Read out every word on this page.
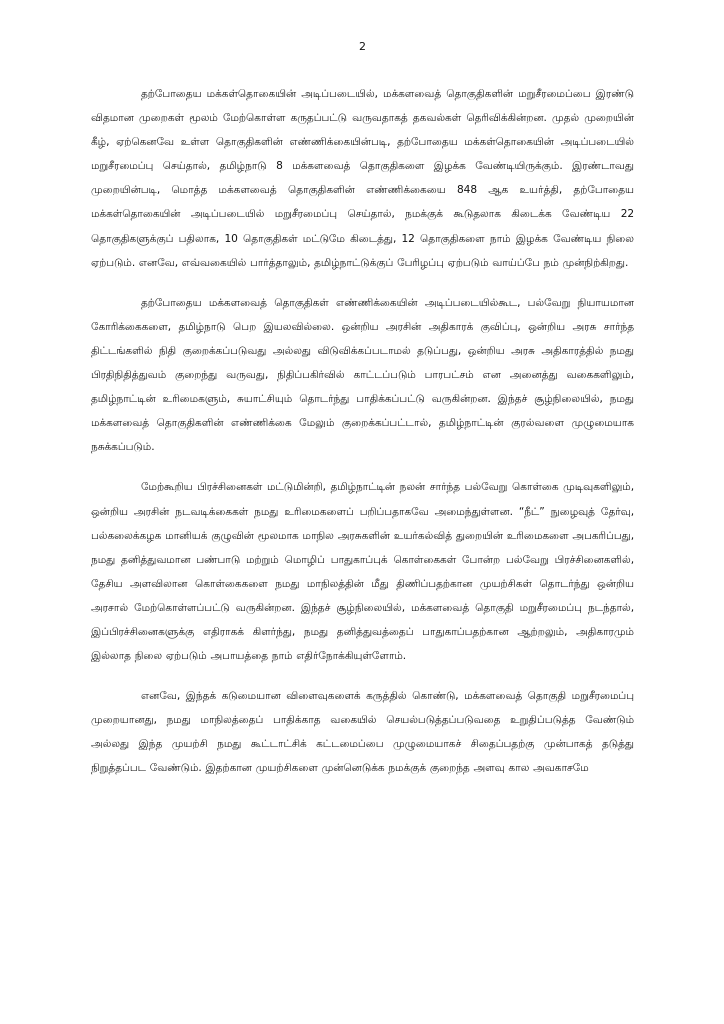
2

தற்போதைய மக்கள்தொகையின் அடிப்படையில், மக்களவைத் தொகுதிகளின் மறுசீரமைப்பை இரண்டு விதமான முறைகள் மூலம் மேற்கொள்ள கருதப்பட்டு வருவதாகத் தகவல்கள் தெரிவிக்கின்றன. முதல் முறையின் கீழ், ஏற்கெனவே உள்ள தொகுதிகளின் எண்ணிக்கையின்படி, தற்போதைய மக்கள்தொகையின் அடிப்படையில் மறுசீரமைப்பு செய்தால், தமிழ்நாடு 8 மக்களவைத் தொகுதிகளை இழக்க வேண்டியிருக்கும். இரண்டாவது முறையின்படி, மொத்த மக்களவைத் தொகுதிகளின் எண்ணிக்கையை 848 ஆக உயர்த்தி, தற்போதைய மக்கள்தொகையின் அடிப்படையில் மறுசீரமைப்பு செய்தால், நமக்குக் கூடுதலாக கிடைக்க வேண்டிய 22 தொகுதிகளுக்குப் பதிலாக, 10 தொகுதிகள் மட்டுமே கிடைத்து, 12 தொகுதிகளை நாம் இழக்க வேண்டிய நிலை ஏற்படும். எனவே, எவ்வகையில் பார்த்தாலும், தமிழ்நாட்டுக்குப் பேரிழப்பு ஏற்படும் வாய்ப்பே நம் முன்நிற்கிறது.

தற்போதைய மக்களவைத் தொகுதிகள் எண்ணிக்கையின் அடிப்படையில்கூட, பல்வேறு நியாயமான கோரிக்கைகளை, தமிழ்நாடு பெற இயலவில்லை. ஒன்றிய அரசின் அதிகாரக் குவிப்பு, ஒன்றிய அரசு சார்ந்த திட்டங்களில் நிதி குறைக்கப்படுவது அல்லது விடுவிக்கப்படாமல் தடுப்பது, ஒன்றிய அரசு அதிகாரத்தில் நமது பிரதிநிதித்துவம் குறைந்து வருவது, நிதிப்பகிர்வில் காட்டப்படும் பாரபட்சம் என அனைத்து வகைகளிலும், தமிழ்நாட்டின் உரிமைகளும், சுயாட்சியும் தொடர்ந்து பாதிக்கப்பட்டு வருகின்றன. இந்தச் சூழ்நிலையில், நமது மக்களவைத் தொகுதிகளின் எண்ணிக்கை மேலும் குறைக்கப்பட்டால், தமிழ்நாட்டின் குரல்வளை முழுமையாக நசுக்கப்படும்.

மேற்கூறிய பிரச்சினைகள் மட்டுமின்றி, தமிழ்நாட்டின் நலன் சார்ந்த பல்வேறு கொள்கை முடிவுகளிலும், ஒன்றிய அரசின் நடவடிக்கைகள் நமது உரிமைகளைப் பறிப்பதாகவே அமைந்துள்ளன. “நீட்” நுழைவுத் தேர்வு, பல்கலைக்கழக மானியக் குழுவின் மூலமாக மாநில அரசுகளின் உயர்கல்வித் துறையின் உரிமைகளை அபகரிப்பது, நமது தனித்துவமான பண்பாடு மற்றும் மொழிப் பாதுகாப்புக் கொள்கைகள் போன்ற பல்வேறு பிரச்சினைகளில், தேசிய அளவிலான கொள்கைகளை நமது மாநிலத்தின் மீது திணிப்பதற்கான முயற்சிகள் தொடர்ந்து ஒன்றிய அரசால் மேற்கொள்ளப்பட்டு வருகின்றன. இந்தச் சூழ்நிலையில், மக்களவைத் தொகுதி மறுசீரமைப்பு நடந்தால், இப்பிரச்சினைகளுக்கு எதிராகக் கிளர்ந்து, நமது தனித்துவத்தைப் பாதுகாப்பதற்கான ஆற்றலும், அதிகாரமும் இல்லாத நிலை ஏற்படும் அபாயத்தை நாம் எதிர்நோக்கியுள்ளோம்.

எனவே, இந்தக் கடுமையான விளைவுகளைக் கருத்தில் கொண்டு, மக்களவைத் தொகுதி மறுசீரமைப்பு முறையானது, நமது மாநிலத்தைப் பாதிக்காத வகையில் செயல்படுத்தப்படுவதை உறுதிப்படுத்த வேண்டும் அல்லது இந்த முயற்சி நமது கூட்டாட்சிக் கட்டமைப்பை முழுமையாகச் சிதைப்பதற்கு முன்பாகத் தடுத்து நிறுத்தப்பட வேண்டும். இதற்கான முயற்சிகளை முன்னெடுக்க நமக்குக் குறைந்த அளவு கால அவகாசமே
